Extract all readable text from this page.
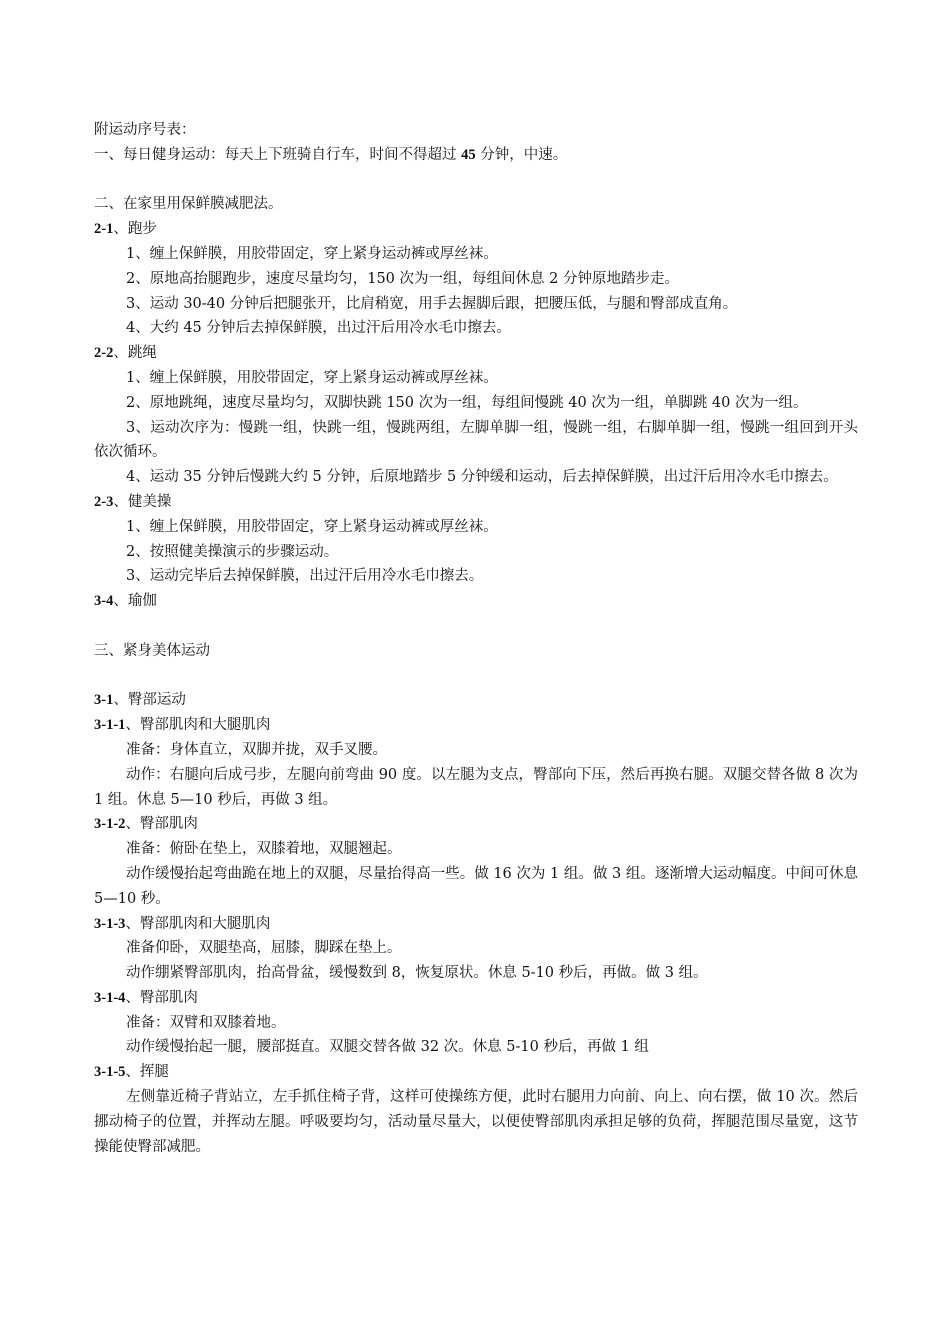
附运动序号表：
一、每日健身运动：每天上下班骑自行车，时间不得超过 45 分钟，中速。
二、在家里用保鲜膜减肥法。
2-1、跑步
1、缠上保鲜膜，用胶带固定，穿上紧身运动裤或厚丝袜。
2、原地高抬腿跑步，速度尽量均匀，150 次为一组，每组间休息 2 分钟原地踏步走。
3、运动 30-40 分钟后把腿张开，比肩稍宽，用手去握脚后跟，把腰压低，与腿和臀部成直角。
4、大约 45 分钟后去掉保鲜膜，出过汗后用冷水毛巾擦去。
2-2、跳绳
1、缠上保鲜膜，用胶带固定，穿上紧身运动裤或厚丝袜。
2、原地跳绳，速度尽量均匀，双脚快跳 150 次为一组，每组间慢跳 40 次为一组，单脚跳 40 次为一组。
3、运动次序为：慢跳一组，快跳一组，慢跳两组，左脚单脚一组，慢跳一组，右脚单脚一组，慢跳一组回到开头依次循环。
4、运动 35 分钟后慢跳大约 5 分钟，后原地踏步 5 分钟缓和运动，后去掉保鲜膜，出过汗后用冷水毛巾擦去。
2-3、健美操
1、缠上保鲜膜，用胶带固定，穿上紧身运动裤或厚丝袜。
2、按照健美操演示的步骤运动。
3、运动完毕后去掉保鲜膜，出过汗后用冷水毛巾擦去。
3-4、瑜伽
三、紧身美体运动
3-1、臀部运动
3-1-1、臀部肌肉和大腿肌肉
准备：身体直立，双脚并拢，双手叉腰。
动作：右腿向后成弓步，左腿向前弯曲 90 度。以左腿为支点，臀部向下压，然后再换右腿。双腿交替各做 8 次为 1 组。休息 5—10 秒后，再做 3 组。
3-1-2、臀部肌肉
准备：俯卧在垫上，双膝着地，双腿翘起。
动作缓慢抬起弯曲跪在地上的双腿，尽量抬得高一些。做 16 次为 1 组。做 3 组。逐渐增大运动幅度。中间可休息 5—10 秒。
3-1-3、臀部肌肉和大腿肌肉
准备仰卧，双腿垫高，屈膝，脚踩在垫上。
动作绷紧臀部肌肉，抬高骨盆，缓慢数到 8，恢复原状。休息 5-10 秒后，再做。做 3 组。
3-1-4、臀部肌肉
准备：双臂和双膝着地。
动作缓慢抬起一腿，腰部挺直。双腿交替各做 32 次。休息 5-10 秒后，再做 1 组
3-1-5、挥腿
左侧靠近椅子背站立，左手抓住椅子背，这样可使操练方便，此时右腿用力向前、向上、向右摆，做 10 次。然后挪动椅子的位置，并挥动左腿。呼吸要均匀，活动量尽量大，以便使臀部肌肉承担足够的负荷，挥腿范围尽量宽，这节操能使臀部减肥。
